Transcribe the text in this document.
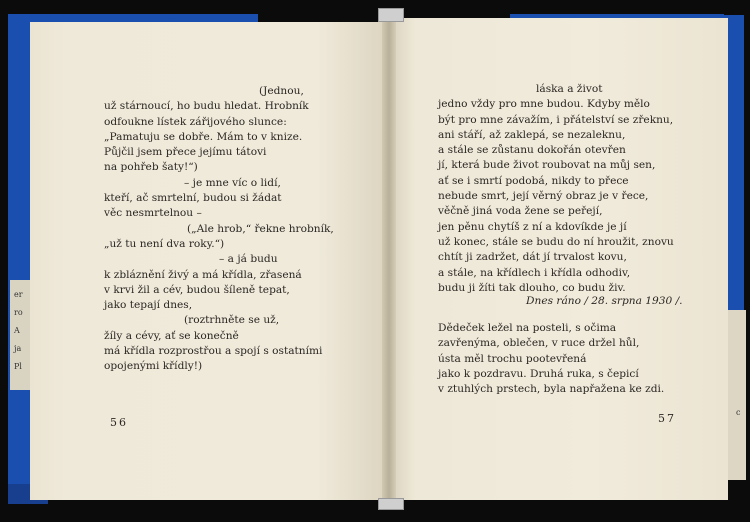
er
ro
A
ja
Pl
c
(Jednou,
už stárnoucí, ho budu hledat. Hrobník
odfoukne lístek zářijového slunce:
„Pamatuju se dobře. Mám to v knize.
Půjčil jsem přece jejímu tátovi
na pohřeb šaty!“)
– je mne víc o lidí,
kteří, ač smrtelní, budou si žádat
věc nesmrtelnou –
(„Ale hrob,“ řekne hrobník,
„už tu není dva roky.“)
– a já budu
k zbláznění živý a má křídla, zřasená
v krvi žil a cév, budou šíleně tepat,
jako tepají dnes,
(roztrhněte se už,
žíly a cévy, ať se konečně
má křídla rozprostřou a spojí s ostatními
opojenými křídly!)
56
láska a život
jedno vždy pro mne budou. Kdyby mělo
být pro mne závažím, i přátelství se zřeknu,
ani stáří, až zaklepá, se nezaleknu,
a stále se zůstanu dokořán otevřen
jí, která bude život roubovat na můj sen,
ať se i smrtí podobá, nikdy to přece
nebude smrt, její věrný obraz je v řece,
věčně jiná voda žene se peřejí,
jen pěnu chytíš z ní a kdovíkde je jí
už konec, stále se budu do ní hroužit, znovu
chtít ji zadržet, dát jí trvalost kovu,
a stále, na křídlech i křídla odhodiv,
budu ji žíti tak dlouho, co budu živ.
Dnes ráno / 28. srpna 1930 /.
Dědeček ležel na posteli, s očima
zavřenýma, oblečen, v ruce držel hůl,
ústa měl trochu pootevřená
jako k pozdravu. Druhá ruka, s čepicí
v ztuhlých prstech, byla napřažena ke zdi.
57
